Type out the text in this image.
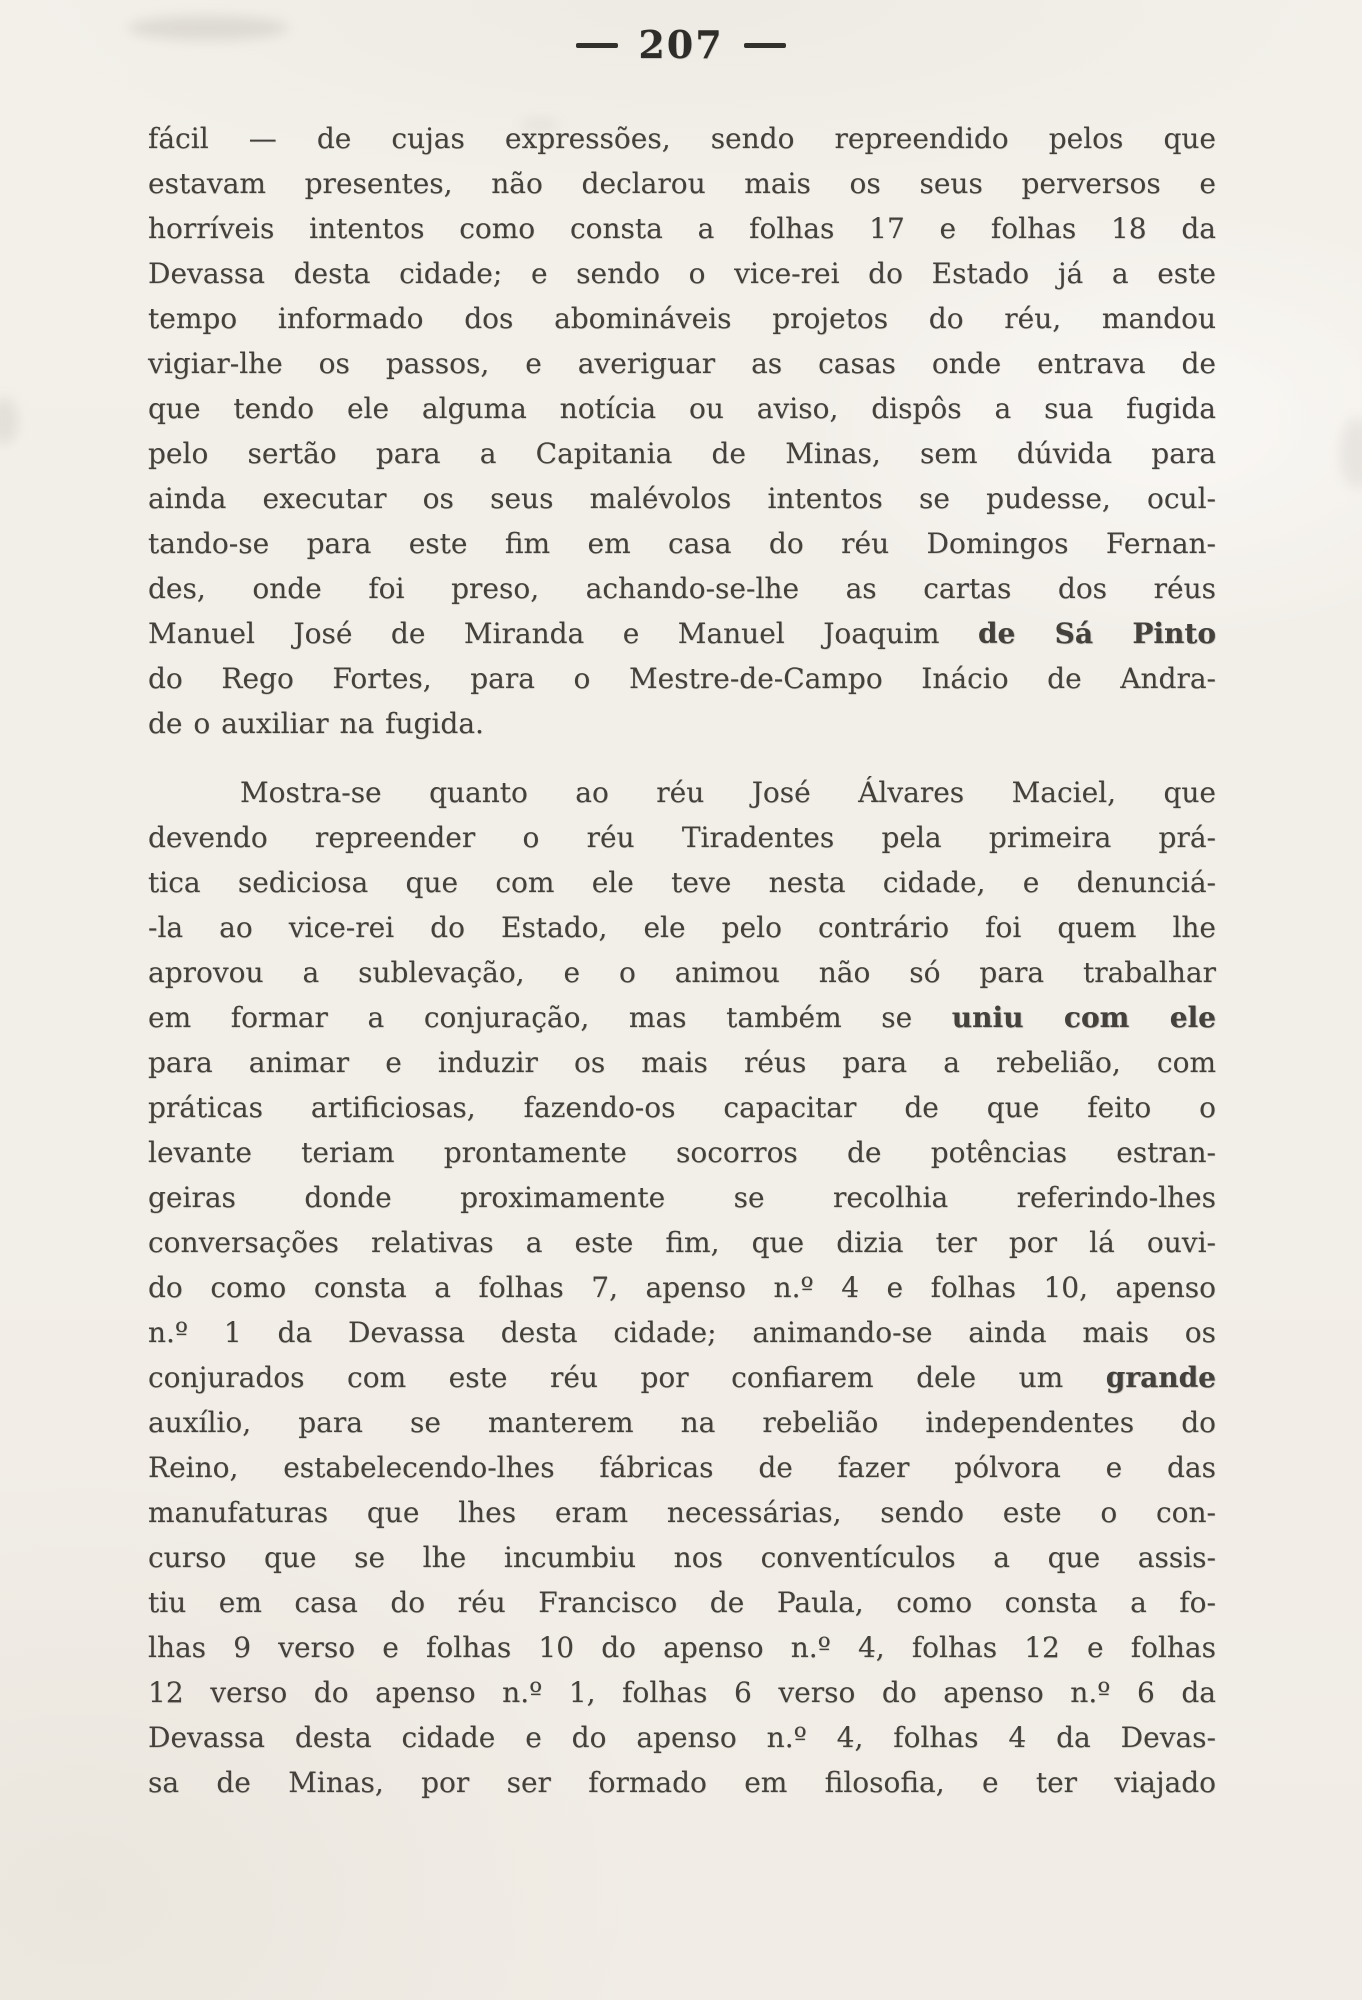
207
fácil — de cujas expressões, sendo repreendido pelos que
estavam presentes, não declarou mais os seus perversos e
horríveis intentos como consta a folhas 17 e folhas 18 da
Devassa desta cidade; e sendo o vice-rei do Estado já a este
tempo informado dos abomináveis projetos do réu, mandou
vigiar-lhe os passos, e averiguar as casas onde entrava de
que tendo ele alguma notícia ou aviso, dispôs a sua fugida
pelo sertão para a Capitania de Minas, sem dúvida para
ainda executar os seus malévolos intentos se pudesse, ocul-
tando-se para este fim em casa do réu Domingos Fernan-
des, onde foi preso, achando-se-lhe as cartas dos réus
Manuel José de Miranda e Manuel Joaquim de Sá Pinto
do Rego Fortes, para o Mestre-de-Campo Inácio de Andra-
de o auxiliar na fugida.
Mostra-se quanto ao réu José Álvares Maciel, que
devendo repreender o réu Tiradentes pela primeira prá-
tica sediciosa que com ele teve nesta cidade, e denunciá-
-la ao vice-rei do Estado, ele pelo contrário foi quem lhe
aprovou a sublevação, e o animou não só para trabalhar
em formar a conjuração, mas também se uniu com ele
para animar e induzir os mais réus para a rebelião, com
práticas artificiosas, fazendo-os capacitar de que feito o
levante teriam prontamente socorros de potências estran-
geiras donde proximamente se recolhia referindo-lhes
conversações relativas a este fim, que dizia ter por lá ouvi-
do como consta a folhas 7, apenso n.º 4 e folhas 10, apenso
n.º 1 da Devassa desta cidade; animando-se ainda mais os
conjurados com este réu por confiarem dele um grande
auxílio, para se manterem na rebelião independentes do
Reino, estabelecendo-lhes fábricas de fazer pólvora e das
manufaturas que lhes eram necessárias, sendo este o con-
curso que se lhe incumbiu nos conventículos a que assis-
tiu em casa do réu Francisco de Paula, como consta a fo-
lhas 9 verso e folhas 10 do apenso n.º 4, folhas 12 e folhas
12 verso do apenso n.º 1, folhas 6 verso do apenso n.º 6 da
Devassa desta cidade e do apenso n.º 4, folhas 4 da Devas-
sa de Minas, por ser formado em filosofia, e ter viajado
